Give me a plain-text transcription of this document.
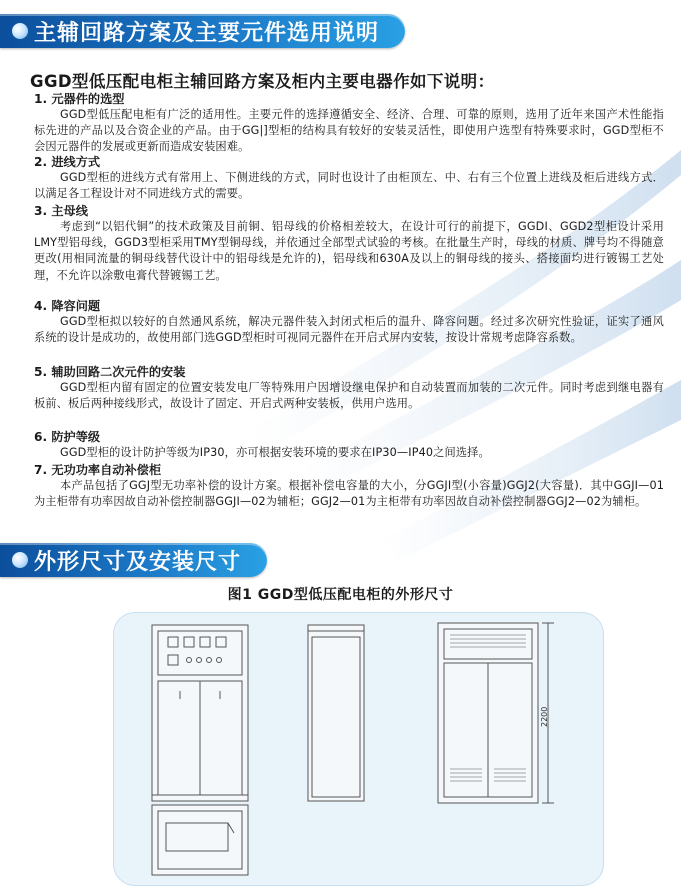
主辅回路方案及主要元件选用说明
GGD型低压配电柜主辅回路方案及柜内主要电器作如下说明：
1. 元器件的选型

GGD型低压配电柜有广泛的适用性。主要元件的选择遵循安全、经济、合理、可靠的原则，选用了近年来国产术性能指标先进的产品以及合资企业的产品。由于GG|]型柜的结构具有较好的安装灵活性，即使用户选型有特殊要求时，GGD型柜不会因元器件的发展或更新而造成安装困难。

2. 进线方式

GGD型柜的进线方式有常用上、下侧进线的方式，同时也设计了由柜顶左、中、右有三个位置上进线及柜后进线方式．以满足各工程设计对不同进线方式的需要。

3. 主母线

考虑到“以铝代铜”的技术政策及目前铜、铝母线的价格相差较大，在设计可行的前提下，GGDI、GGD2型柜设计采用LMY型铝母线，GGD3型柜采用TMY型铜母线，并依通过全部型式试验的考核。在批量生产时，母线的材质、牌号均不得随意更改(用相同流量的铜母线替代设计中的铝母线是允许的)，铝母线和630A及以上的铜母线的接头、搭接面均进行镀锡工艺处理，不允许以涂敷电膏代替镀锡工艺。

4. 降容问题

GGD型柜拟以较好的自然通风系统，解决元器件装入封闭式柜后的温升、降容问题。经过多次研究性验证，证实了通风系统的设计是成功的，故使用部门选GGD型柜时可视同元器件在开启式屏内安装，按设计常规考虑降容系数。

5. 辅助回路二次元件的安装

GGD型柜内留有固定的位置安装发电厂等特殊用户因增设继电保护和自动装置而加装的二次元件。同时考虑到继电器有板前、板后两种接线形式，故设计了固定、开启式两种安装板，供用户选用。

6. 防护等级

GGD型柜的设计防护等级为IP30，亦可根据安装环境的要求在IP30—IP40之间选择。

7. 无功功率自动补偿柜

本产品包括了GGJ型无功率补偿的设计方案。根据补偿电容量的大小，分GGJI型(小容量)GGJ2(大容量)．其中GGJI—01为主柜带有功率因故自动补偿控制器GGJI—02为辅柜；GGJ2—01为主柜带有功率因故自动补偿控制器GGJ2—02为辅柜。

外形尺寸及安装尺寸
图1 GGD型低压配电柜的外形尺寸
2200
